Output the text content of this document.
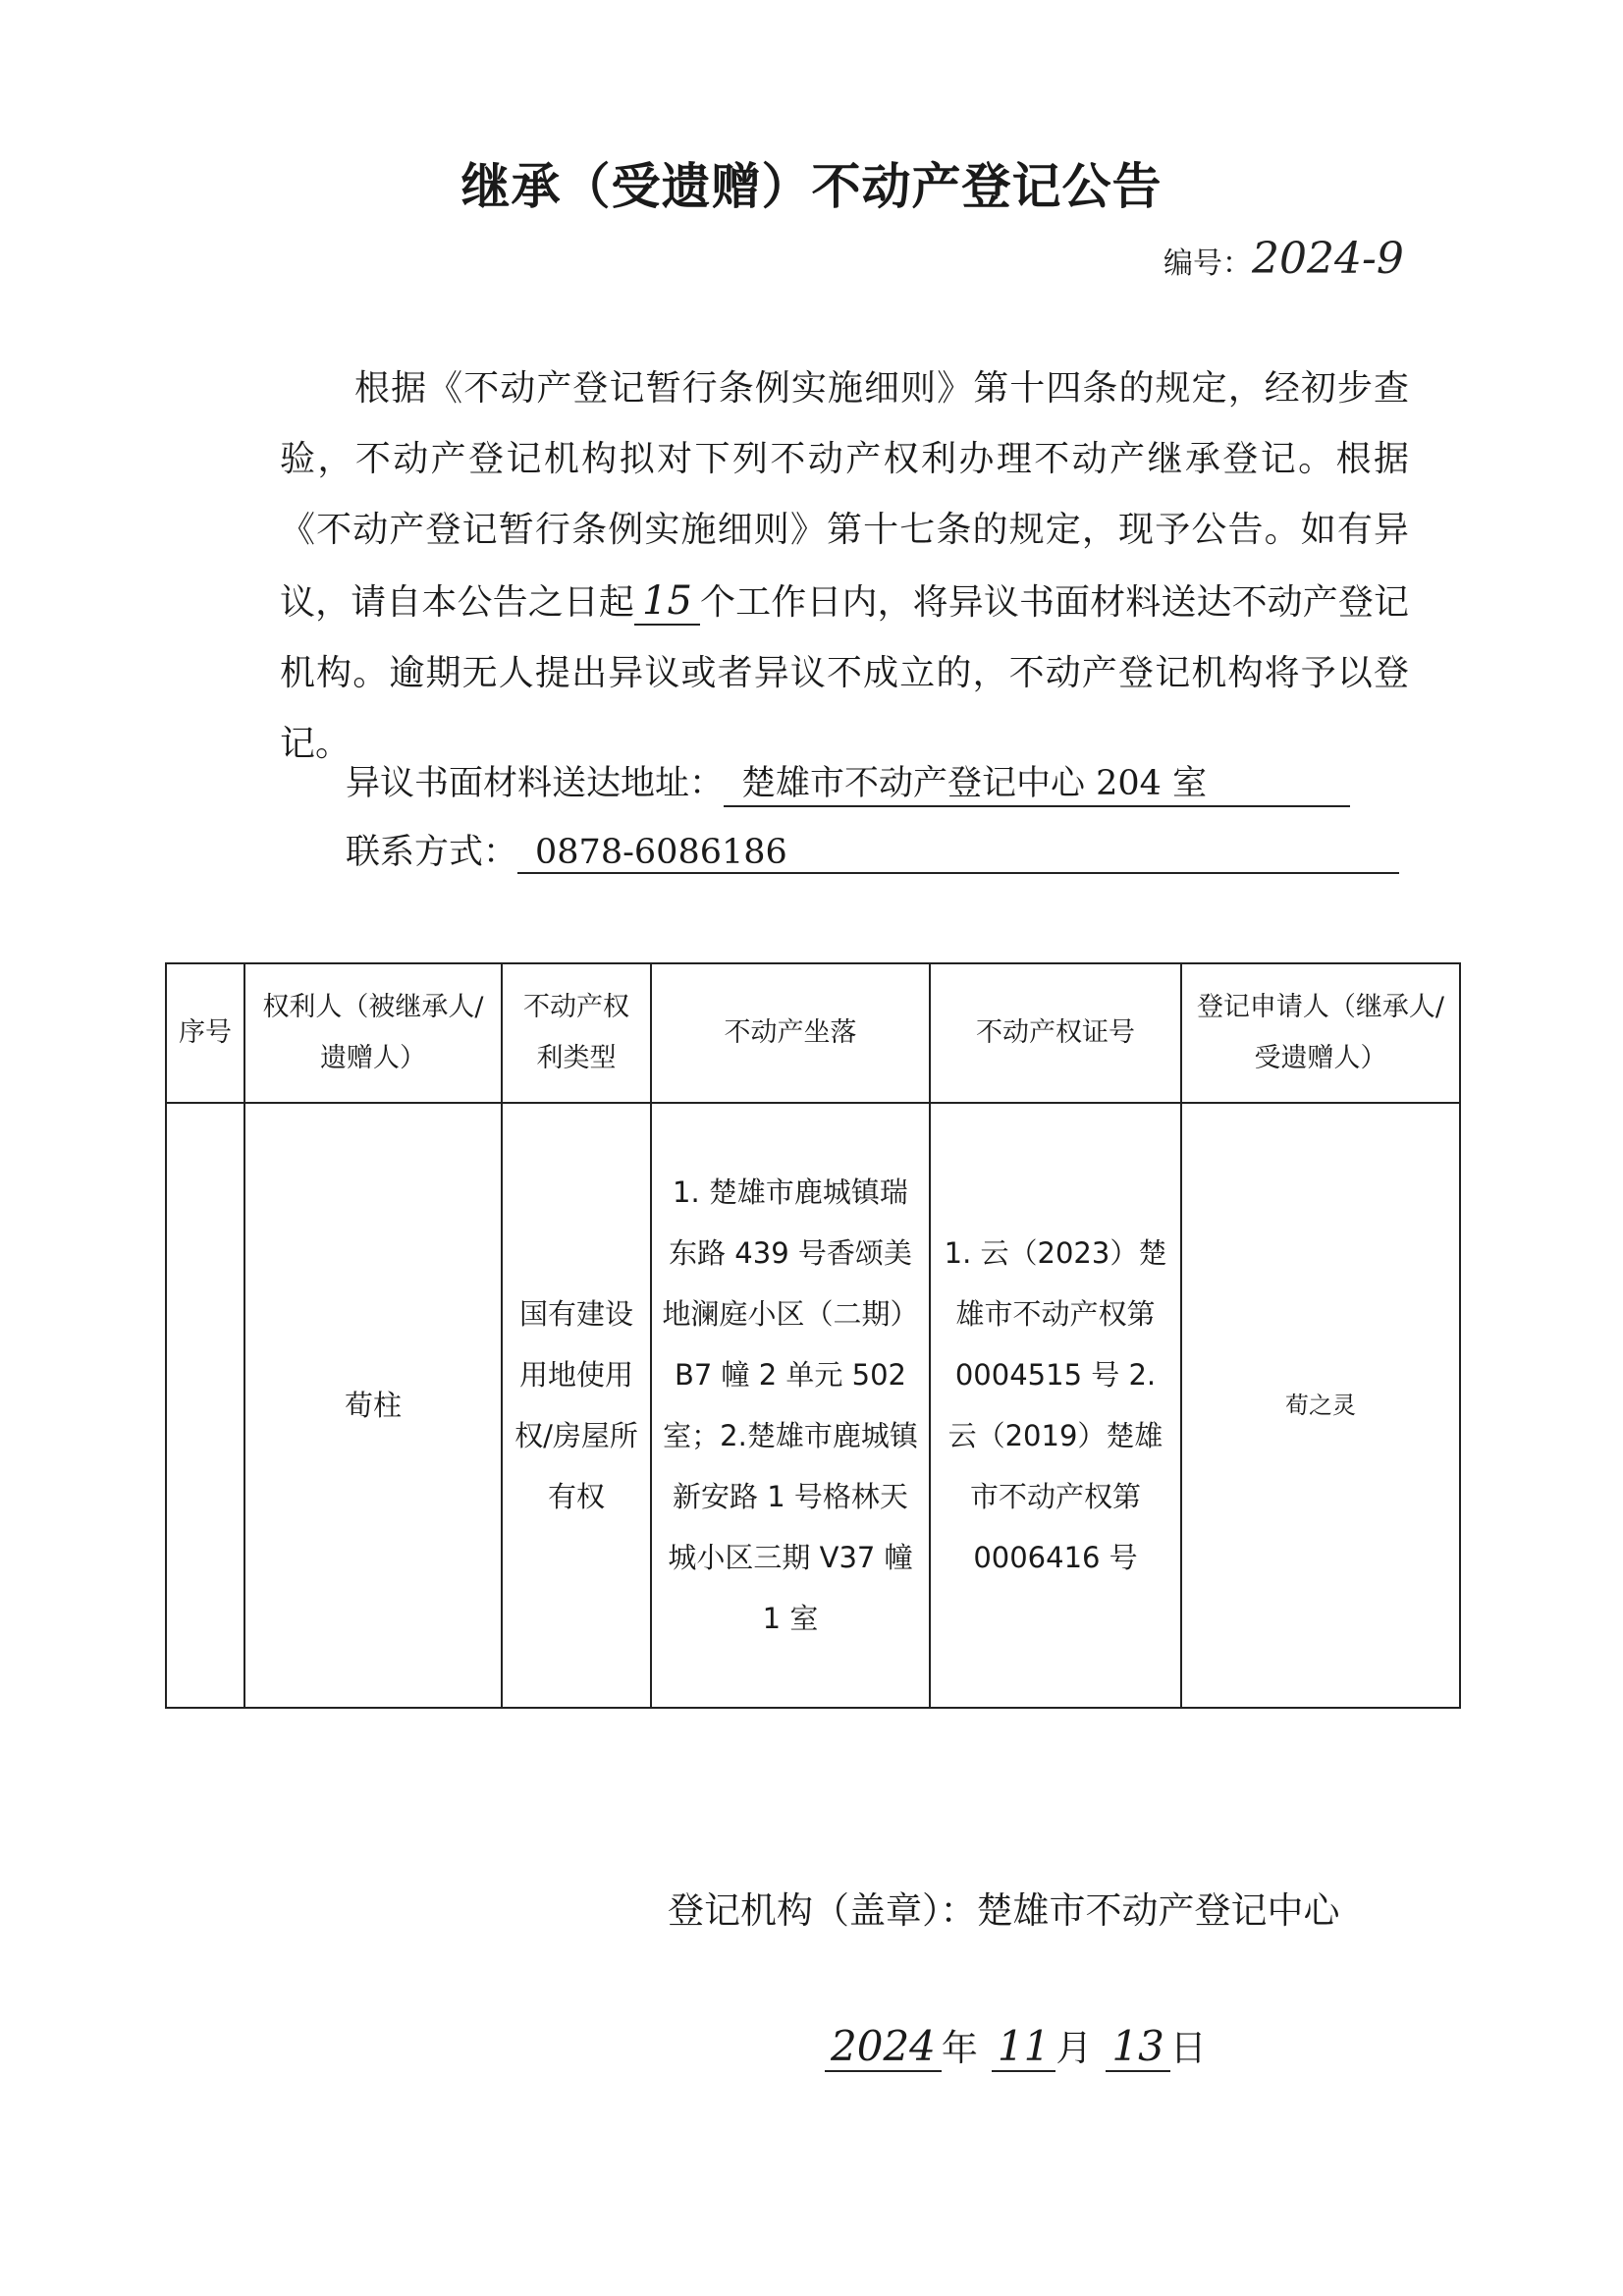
继承（受遗赠）不动产登记公告
编号：2024-9
根据《不动产登记暂行条例实施细则》第十四条的规定，经初步查验，不动产登记机构拟对下列不动产权利办理不动产继承登记。根据《不动产登记暂行条例实施细则》第十七条的规定，现予公告。如有异议，请自本公告之日起 15 个工作日内，将异议书面材料送达不动产登记机构。逾期无人提出异议或者异议不成立的，不动产登记机构将予以登记。
异议书面材料送达地址： 楚雄市不动产登记中心 204 室
联系方式： 0878-6086186
序号	权利人（被继承人/遗赠人）	不动产权利类型	不动产坐落	不动产权证号	登记申请人（继承人/受遗赠人）
	荀柱	国有建设用地使用权/房屋所有权	1. 楚雄市鹿城镇瑞东路 439 号香颂美地澜庭小区（二期）B7 幢 2 单元 502 室；2.楚雄市鹿城镇新安路 1 号格林天城小区三期 V37 幢 1 室	1. 云（2023）楚雄市不动产权第 0004515 号 2. 云（2019）楚雄市不动产权第 0006416 号	荀之灵
登记机构（盖章）：楚雄市不动产登记中心
2024 年 11 月 13 日
